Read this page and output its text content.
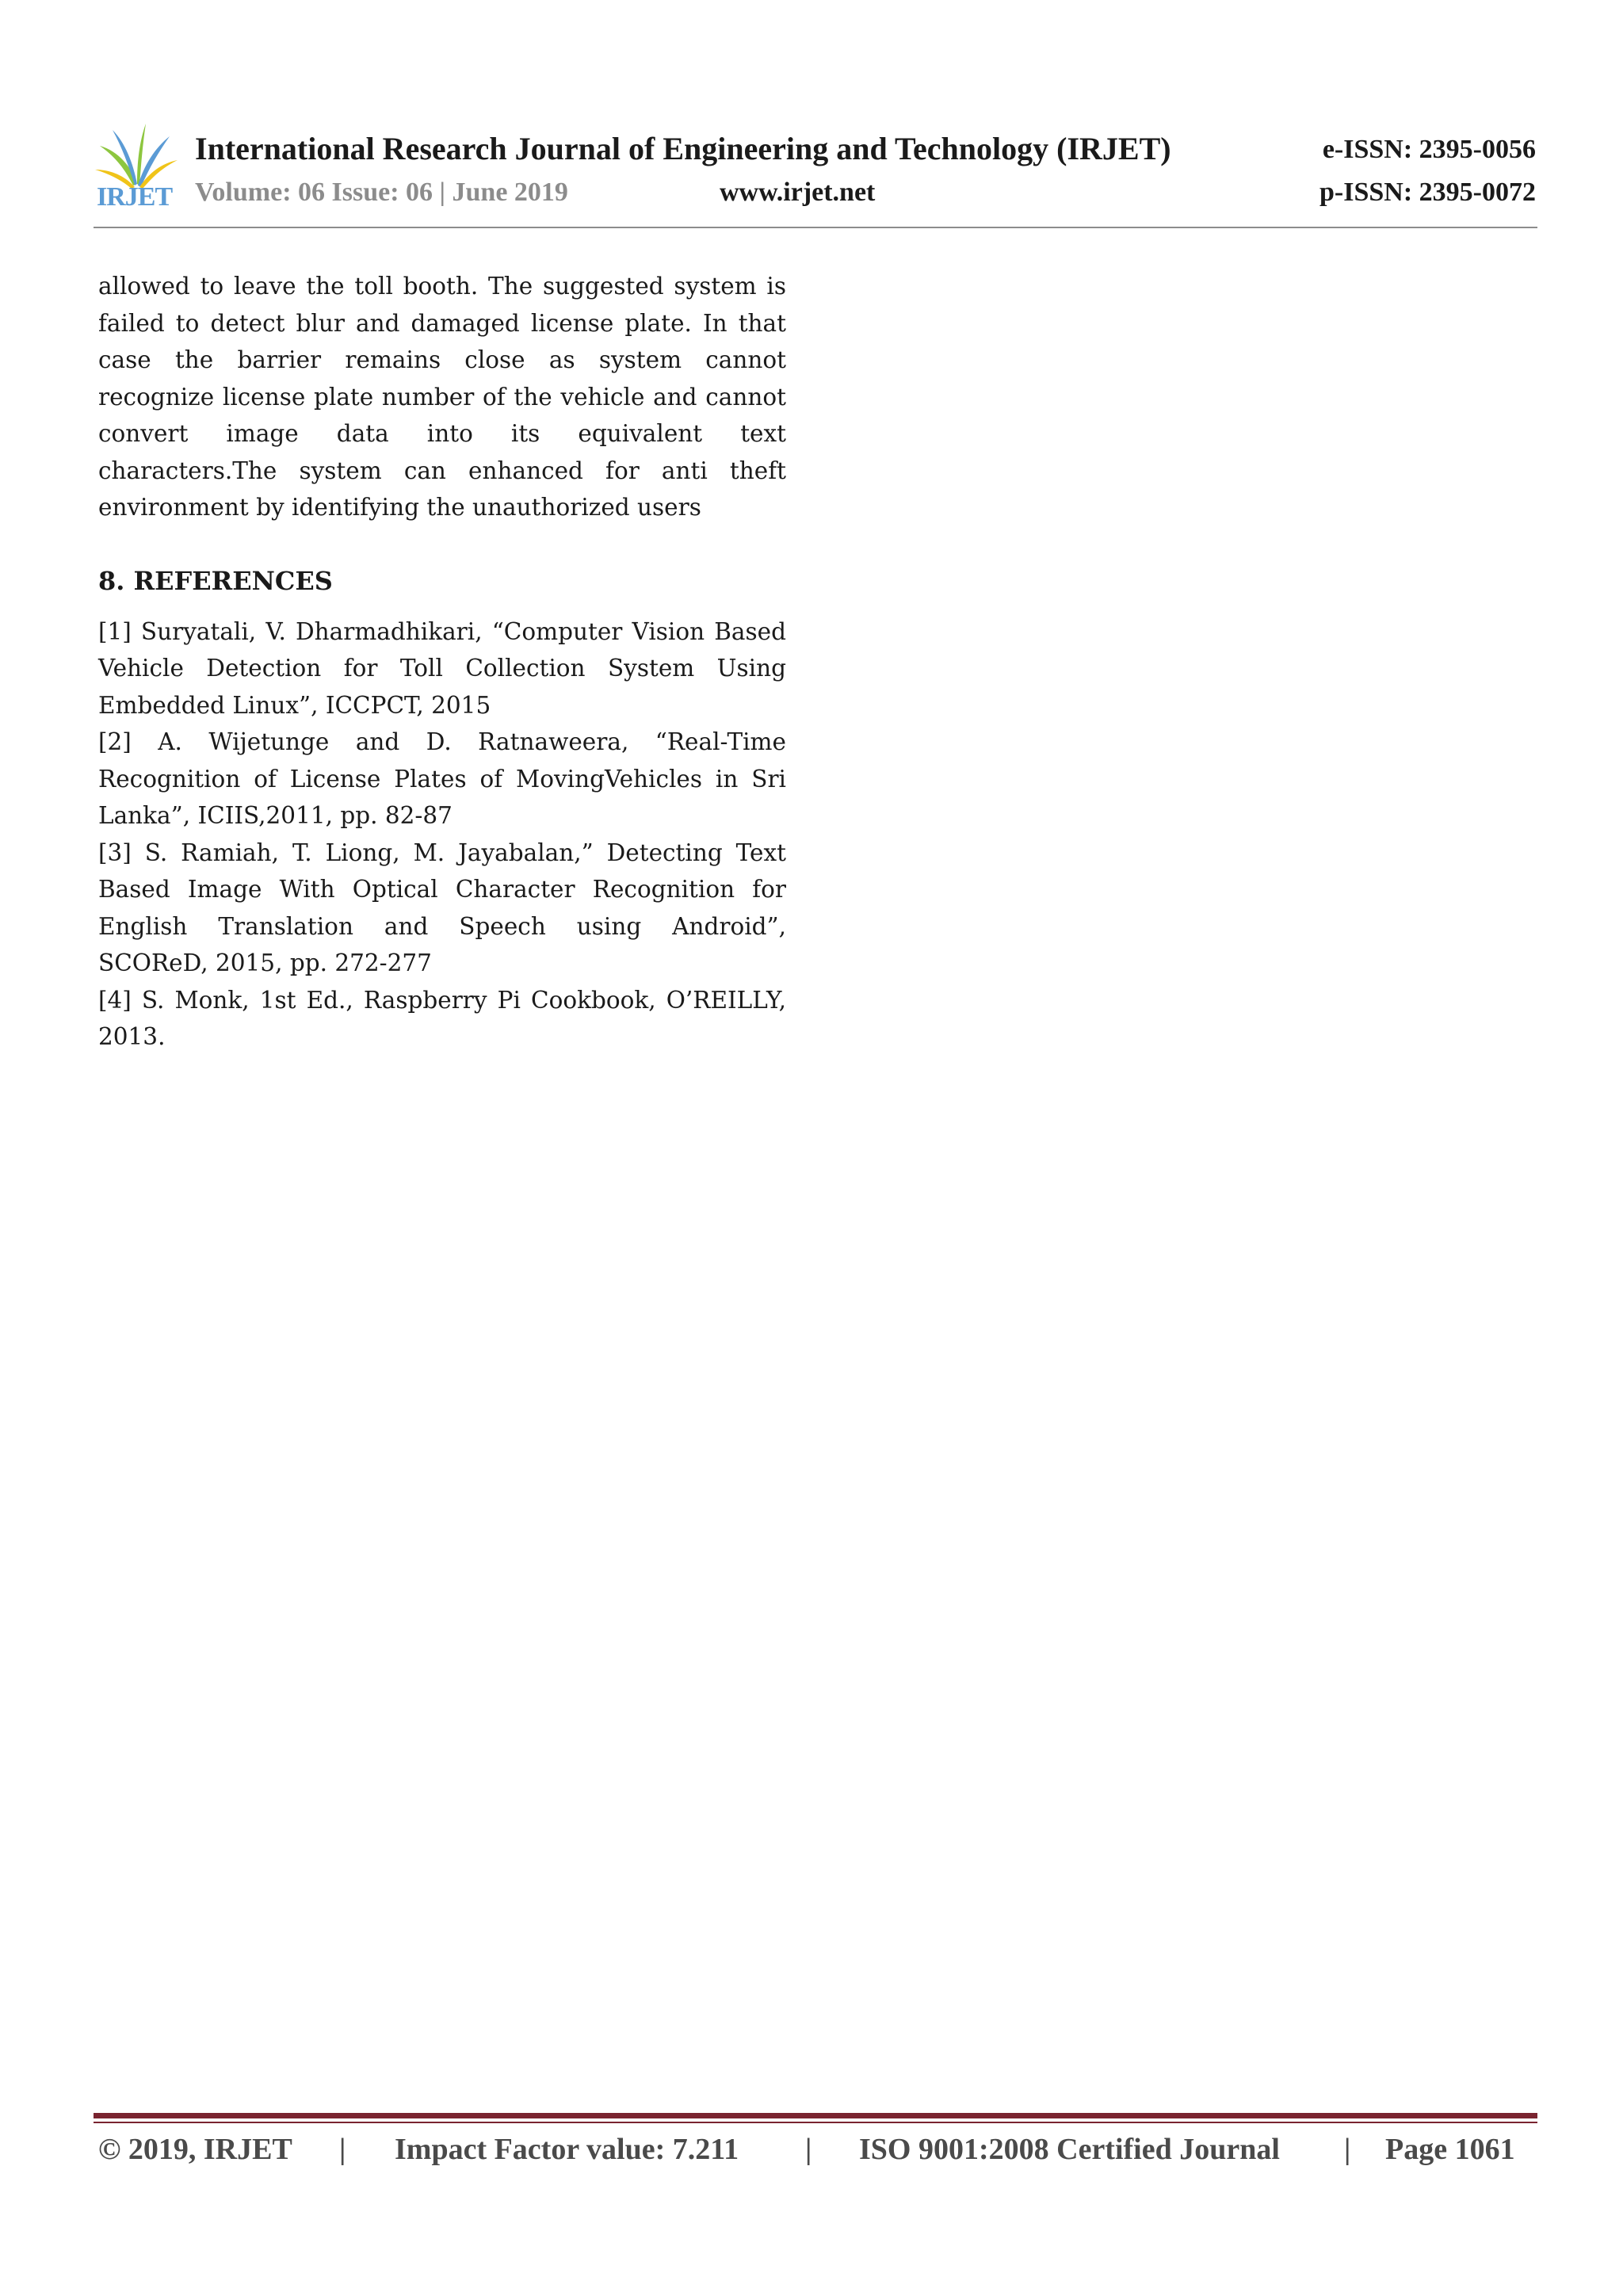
IRJET
International Research Journal of Engineering and Technology (IRJET)	e-ISSN: 2395-0056
Volume: 06 Issue: 06 | June 2019	www.irjet.net	p-ISSN: 2395-0072

allowed to leave the toll booth. The suggested system is failed to detect blur and damaged license plate. In that case the barrier remains close as system cannot recognize license plate number of the vehicle and cannot convert image data into its equivalent text characters.The system can enhanced for anti theft environment by identifying the unauthorized users

8. REFERENCES

[1] Suryatali, V. Dharmadhikari, “Computer Vision Based Vehicle Detection for Toll Collection System Using Embedded Linux”, ICCPCT, 2015

[2] A. Wijetunge and D. Ratnaweera, “Real-Time Recognition of License Plates of MovingVehicles in Sri Lanka”, ICIIS,2011, pp. 82-87

[3] S. Ramiah, T. Liong, M. Jayabalan,” Detecting Text Based Image With Optical Character Recognition for English Translation and Speech using Android”, SCOReD, 2015, pp. 272-277

[4] S. Monk, 1st Ed., Raspberry Pi Cookbook, O’REILLY, 2013.

© 2019, IRJET | Impact Factor value: 7.211 | ISO 9001:2008 Certified Journal | Page 1061
